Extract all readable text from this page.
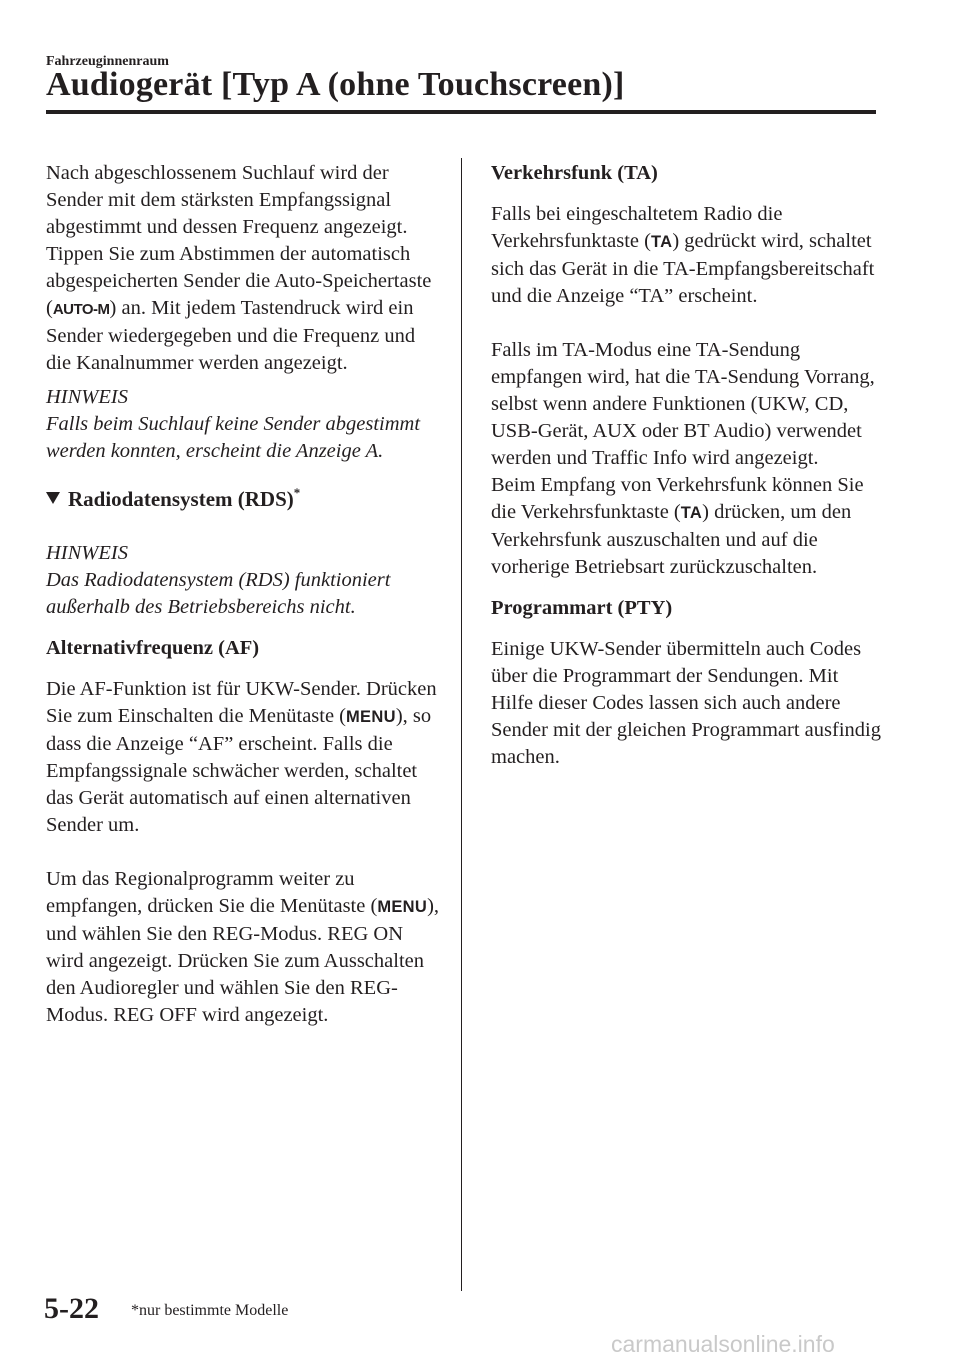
Fahrzeuginnenraum
Audiogerät [Typ A (ohne Touchscreen)]

Nach abgeschlossenem Suchlauf wird der Sender mit dem stärksten Empfangssignal abgestimmt und dessen Frequenz angezeigt. Tippen Sie zum Abstimmen der automatisch abgespeicherten Sender die Auto-Speichertaste (AUTO-M) an. Mit jedem Tastendruck wird ein Sender wiedergegeben und die Frequenz und die Kanalnummer werden angezeigt.

HINWEIS

Falls beim Suchlauf keine Sender abgestimmt werden konnten, erscheint die Anzeige A.

Radiodatensystem (RDS)*

HINWEIS

Das Radiodatensystem (RDS) funktioniert außerhalb des Betriebsbereichs nicht.

Alternativfrequenz (AF)

Die AF-Funktion ist für UKW-Sender. Drücken Sie zum Einschalten die Menütaste (MENU), so dass die Anzeige “AF” erscheint. Falls die Empfangssignale schwächer werden, schaltet das Gerät automatisch auf einen alternativen Sender um.

Um das Regionalprogramm weiter zu empfangen, drücken Sie die Menütaste (MENU), und wählen Sie den REG-Modus. REG ON wird angezeigt. Drücken Sie zum Ausschalten den Audioregler und wählen Sie den REG-Modus. REG OFF wird angezeigt.

Verkehrsfunk (TA)

Falls bei eingeschaltetem Radio die Verkehrsfunktaste (TA) gedrückt wird, schaltet sich das Gerät in die TA-Empfangsbereitschaft und die Anzeige “TA” erscheint.

Falls im TA-Modus eine TA-Sendung empfangen wird, hat die TA-Sendung Vorrang, selbst wenn andere Funktionen (UKW, CD, USB-Gerät, AUX oder BT Audio) verwendet werden und Traffic Info wird angezeigt.

Beim Empfang von Verkehrsfunk können Sie die Verkehrsfunktaste (TA) drücken, um den Verkehrsfunk auszuschalten und auf die vorherige Betriebsart zurückzuschalten.

Programmart (PTY)

Einige UKW-Sender übermitteln auch Codes über die Programmart der Sendungen. Mit Hilfe dieser Codes lassen sich auch andere Sender mit der gleichen Programmart ausfindig machen.

5-22 *nur bestimmte Modelle
carmanualsonline.info
